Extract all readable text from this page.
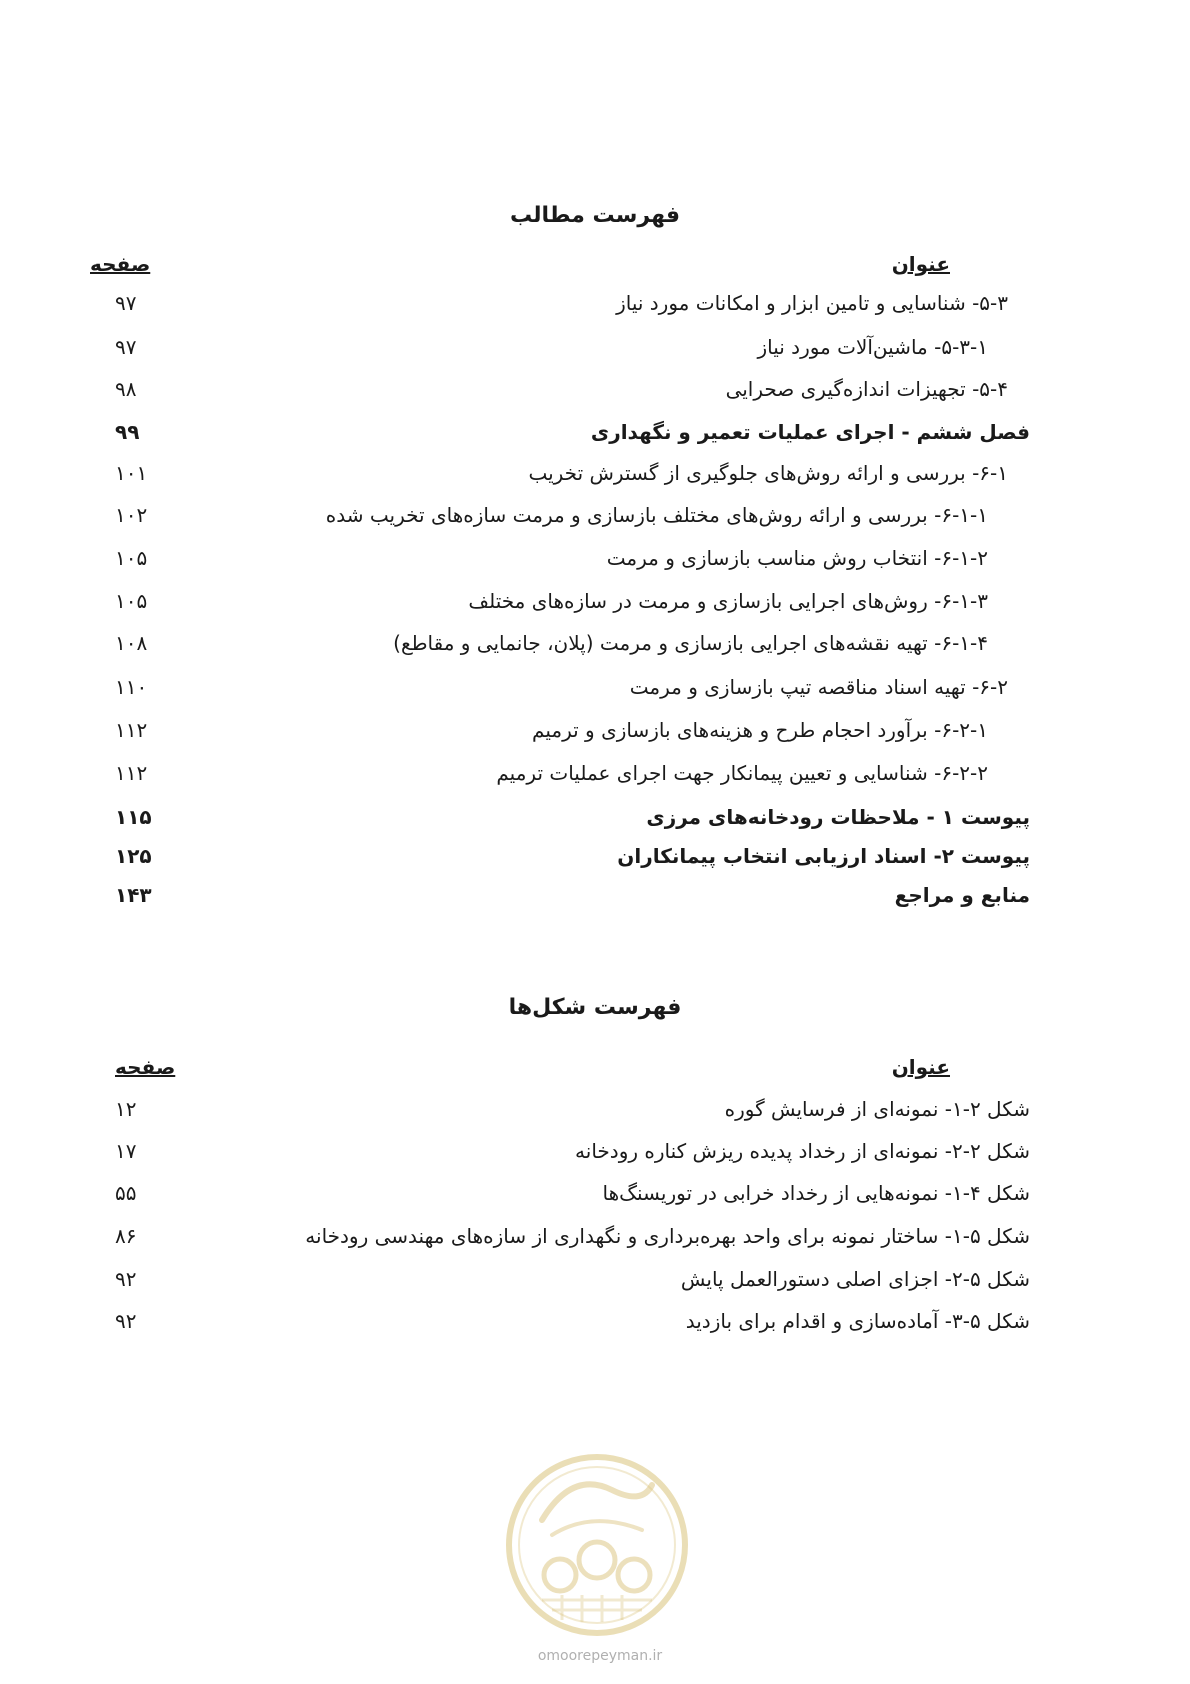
فهرست مطالب
عنوان
صفحه
۵-۳- شناسایی و تامین ابزار و امکانات مورد نیاز
۹۷
۵-۳-۱- ماشین‌آلات مورد نیاز
۹۷
۵-۴- تجهیزات اندازه‌گیری صحرایی
۹۸
فصل ششم - اجرای عملیات تعمیر و نگهداری
۹۹
۶-۱- بررسی و ارائه روش‌های جلوگیری از گسترش تخریب
۱۰۱
۶-۱-۱- بررسی و ارائه روش‌های مختلف بازسازی و مرمت سازه‌های تخریب شده
۱۰۲
۶-۱-۲- انتخاب روش مناسب بازسازی و مرمت
۱۰۵
۶-۱-۳- روش‌های اجرایی بازسازی و مرمت در سازه‌های مختلف
۱۰۵
۶-۱-۴- تهیه نقشه‌های اجرایی بازسازی و مرمت (پلان، جانمایی و مقاطع)
۱۰۸
۶-۲- تهیه اسناد مناقصه تیپ بازسازی و مرمت
۱۱۰
۶-۲-۱- برآورد احجام طرح و هزینه‌های بازسازی و ترمیم
۱۱۲
۶-۲-۲- شناسایی و تعیین پیمانکار جهت اجرای عملیات ترمیم
۱۱۲
پیوست ۱ - ملاحظات رودخانه‌های مرزی
۱۱۵
پیوست ۲- اسناد ارزیابی انتخاب پیمانکاران
۱۲۵
منابع و مراجع
۱۴۳
فهرست شکل‌ها
عنوان
صفحه
شکل ۲-۱- نمونه‌ای از فرسایش گوره
۱۲
شکل ۲-۲- نمونه‌ای از رخداد پدیده ریزش کناره رودخانه
۱۷
شکل ۴-۱- نمونه‌هایی از رخداد خرابی در توریسنگ‌ها
۵۵
شکل ۵-۱- ساختار نمونه برای واحد بهره‌برداری و نگهداری از سازه‌های مهندسی رودخانه
۸۶
شکل ۵-۲- اجزای اصلی دستورالعمل پایش
۹۲
شکل ۵-۳- آماده‌سازی و اقدام برای بازدید
۹۲
omoorepeyman.ir
